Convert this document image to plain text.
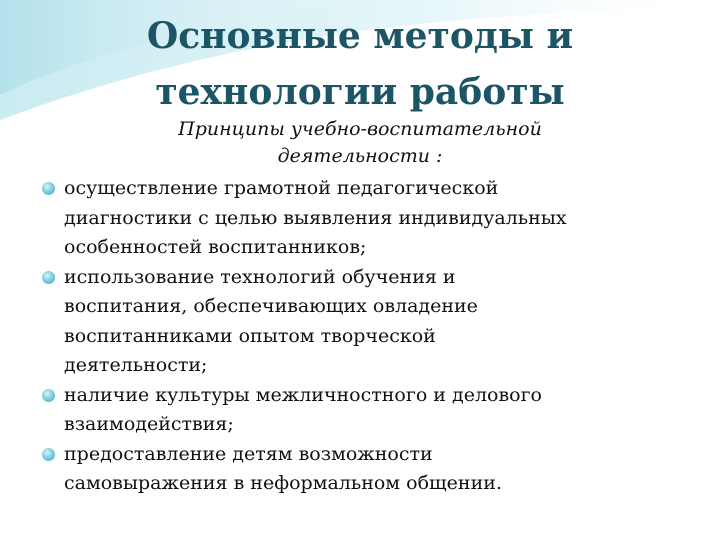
Основные методы и
технологии работы

Принципы учебно-воспитательной
деятельности :

осуществление грамотной педагогической
диагностики с целью выявления индивидуальных
особенностей воспитанников;
использование технологий обучения и
воспитания, обеспечивающих овладение
воспитанниками опытом творческой
деятельности;
наличие культуры межличностного и делового
взаимодействия;
предоставление детям возможности
самовыражения в неформальном общении.
